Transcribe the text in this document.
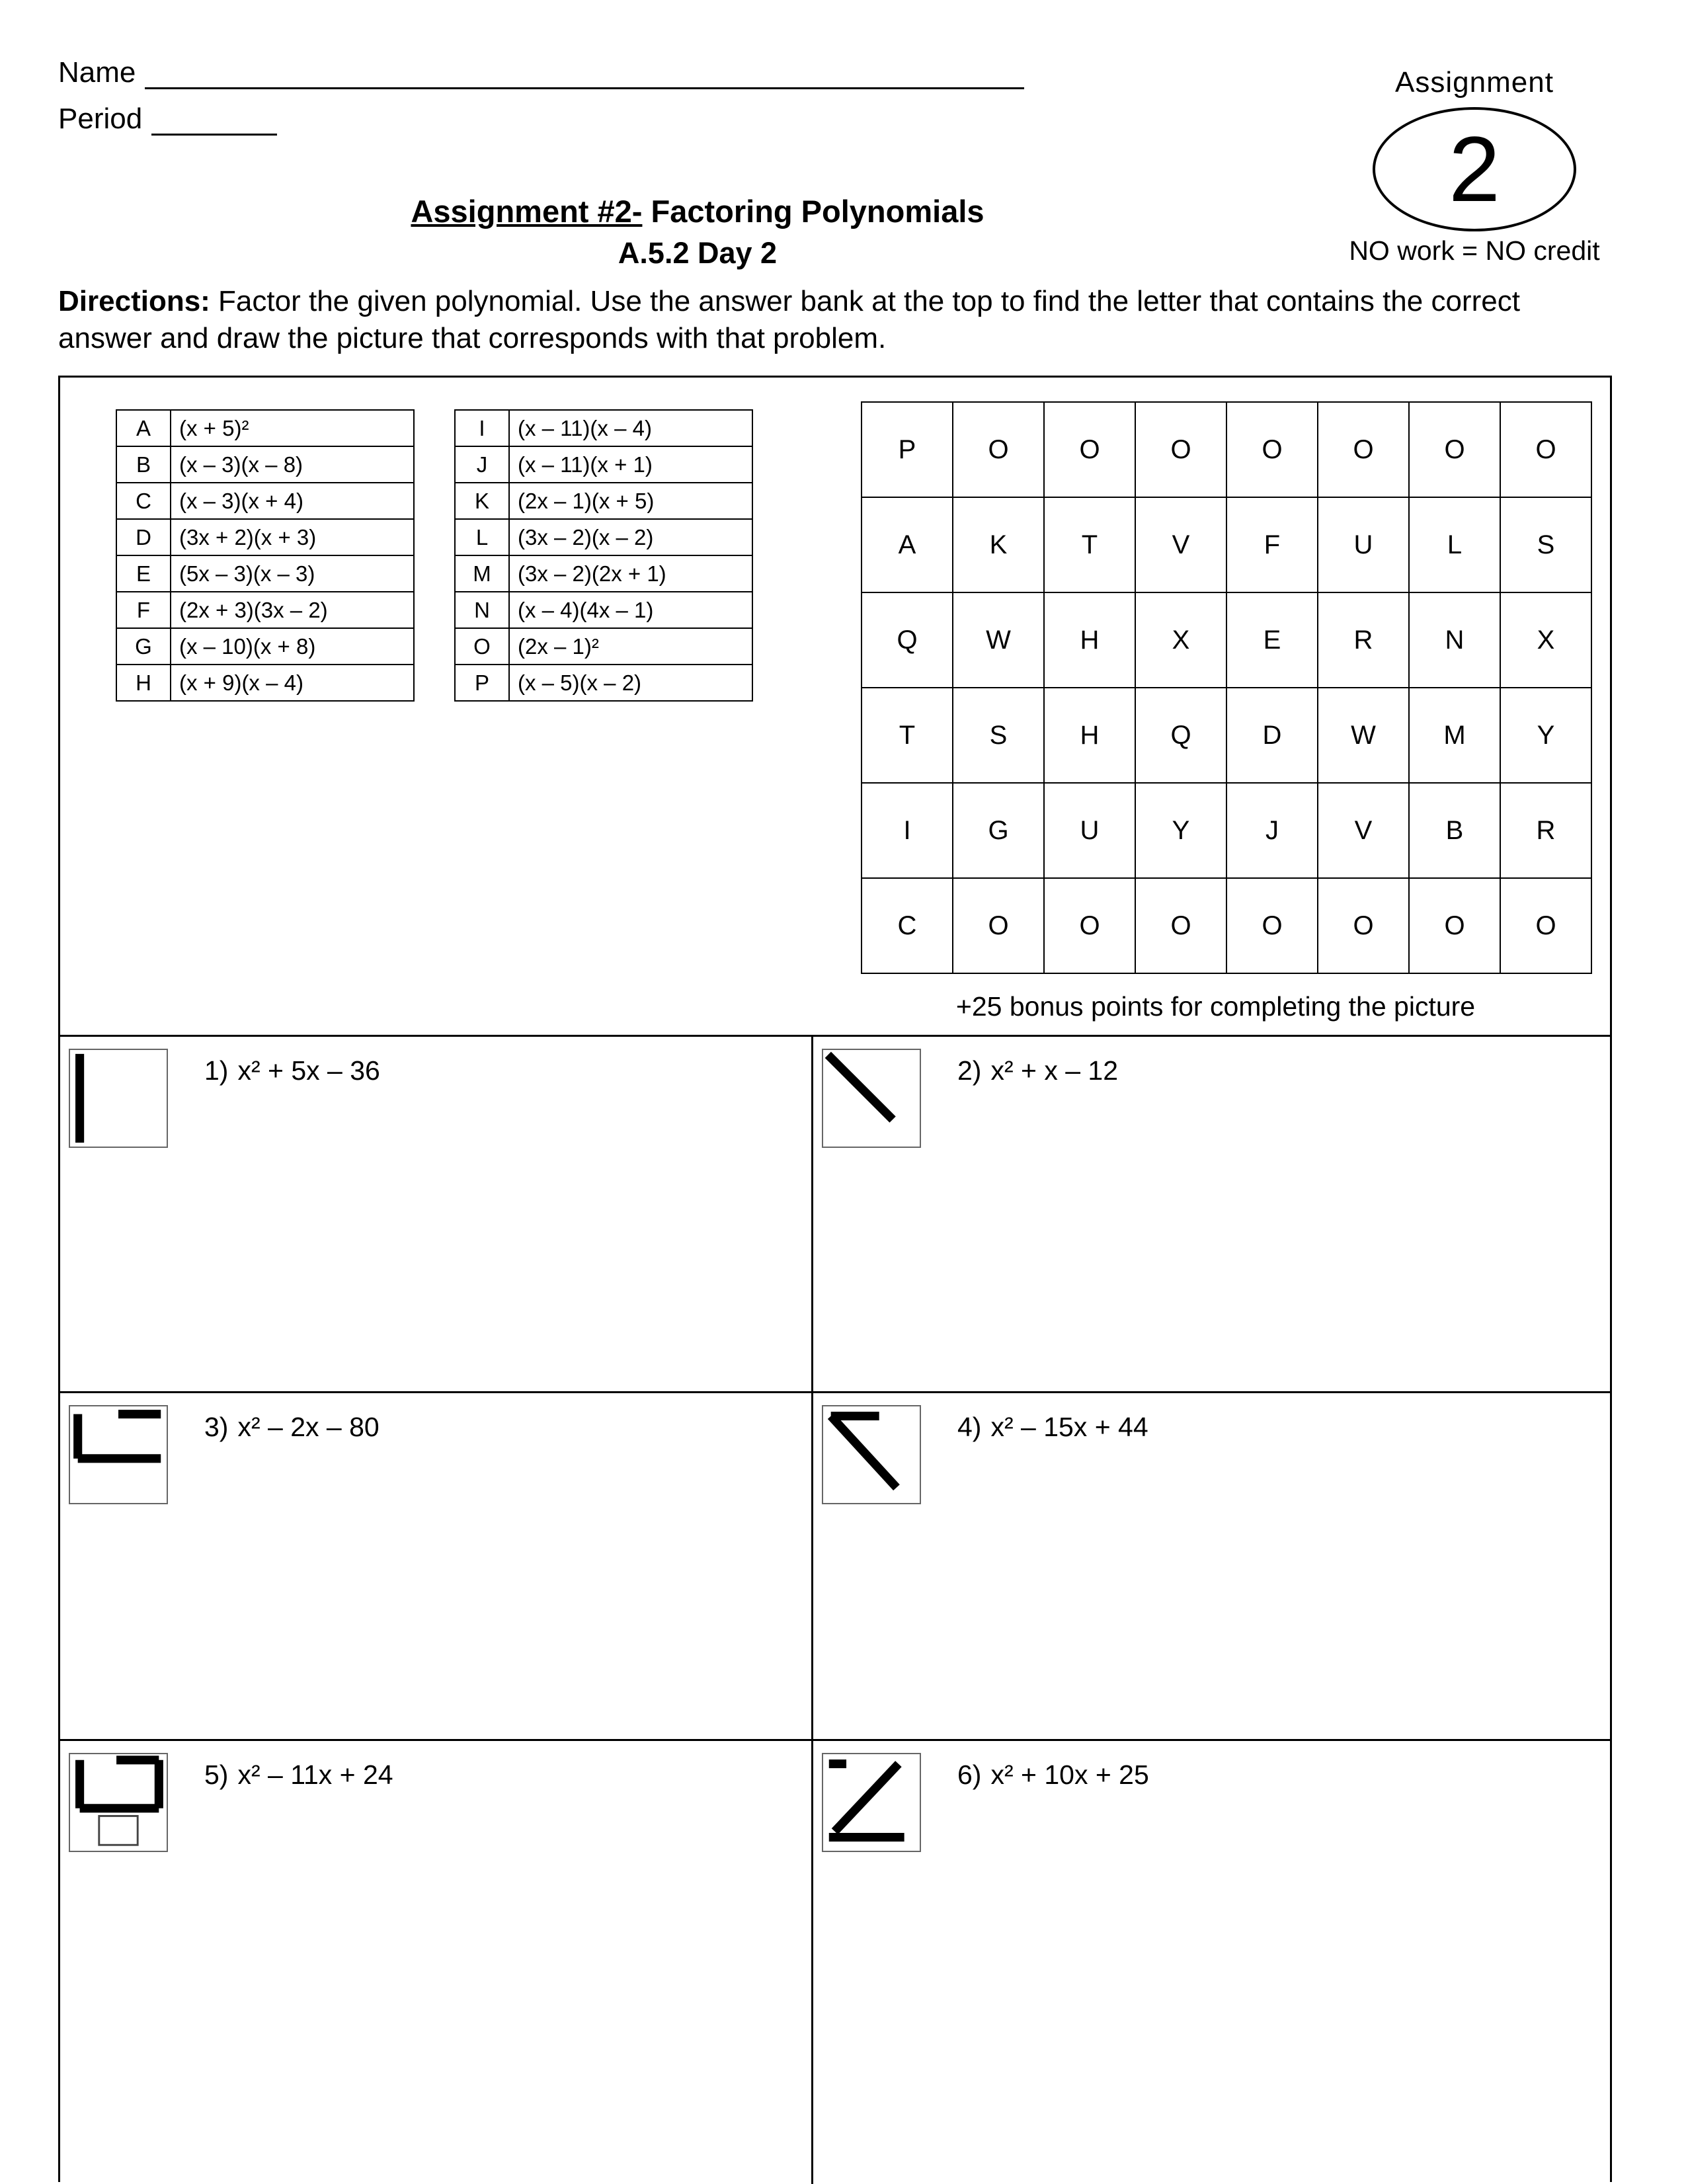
Name
Period
Assignment #2- Factoring Polynomials
A.5.2 Day 2
Assignment
2
NO work = NO credit
Directions: Factor the given polynomial. Use the answer bank at the top to find the letter that contains the correct answer and draw the picture that corresponds with that problem.
A	(x + 5)²
B	(x – 3)(x – 8)
C	(x – 3)(x + 4)
D	(3x + 2)(x + 3)
E	(5x – 3)(x – 3)
F	(2x + 3)(3x – 2)
G	(x – 10)(x + 8)
H	(x + 9)(x – 4)
I	(x – 11)(x – 4)
J	(x – 11)(x + 1)
K	(2x – 1)(x + 5)
L	(3x – 2)(x – 2)
M	(3x – 2)(2x + 1)
N	(x – 4)(4x – 1)
O	(2x – 1)²
P	(x – 5)(x – 2)
P	O	O	O	O	O	O	O
A	K	T	V	F	U	L	S
Q	W	H	X	E	R	N	X
T	S	H	Q	D	W	M	Y
I	G	U	Y	J	V	B	R
C	O	O	O	O	O	O	O
+25 bonus points for completing the picture
1) x² + 5x – 36	2) x² + x – 12
3) x² – 2x – 80	4) x² – 15x + 44
5) x² – 11x + 24	6) x² + 10x + 25
